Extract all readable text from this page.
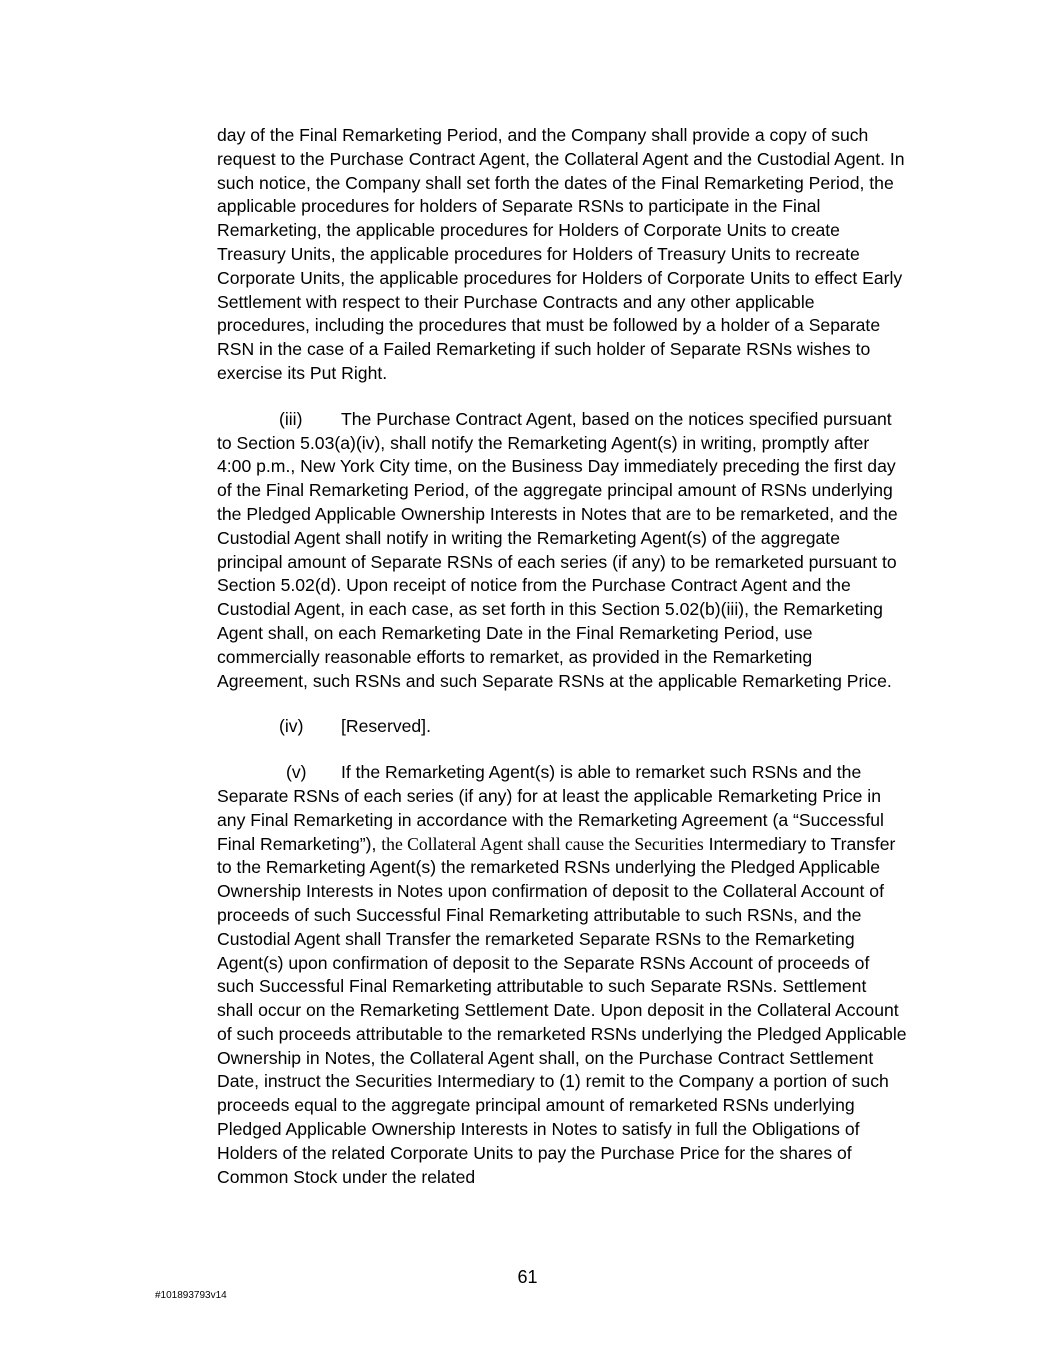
day of the Final Remarketing Period, and the Company shall provide a copy of such request to the Purchase Contract Agent, the Collateral Agent and the Custodial Agent. In such notice, the Company shall set forth the dates of the Final Remarketing Period, the applicable procedures for holders of Separate RSNs to participate in the Final Remarketing, the applicable procedures for Holders of Corporate Units to create Treasury Units, the applicable procedures for Holders of Treasury Units to recreate Corporate Units, the applicable procedures for Holders of Corporate Units to effect Early Settlement with respect to their Purchase Contracts and any other applicable procedures, including the procedures that must be followed by a holder of a Separate RSN in the case of a Failed Remarketing if such holder of Separate RSNs wishes to exercise its Put Right.

(iii) The Purchase Contract Agent, based on the notices specified pursuant to Section 5.03(a)(iv), shall notify the Remarketing Agent(s) in writing, promptly after 4:00 p.m., New York City time, on the Business Day immediately preceding the first day of the Final Remarketing Period, of the aggregate principal amount of RSNs underlying the Pledged Applicable Ownership Interests in Notes that are to be remarketed, and the Custodial Agent shall notify in writing the Remarketing Agent(s) of the aggregate principal amount of Separate RSNs of each series (if any) to be remarketed pursuant to Section 5.02(d). Upon receipt of notice from the Purchase Contract Agent and the Custodial Agent, in each case, as set forth in this Section 5.02(b)(iii), the Remarketing Agent shall, on each Remarketing Date in the Final Remarketing Period, use commercially reasonable efforts to remarket, as provided in the Remarketing Agreement, such RSNs and such Separate RSNs at the applicable Remarketing Price.

(iv) [Reserved].

(v) If the Remarketing Agent(s) is able to remarket such RSNs and the Separate RSNs of each series (if any) for at least the applicable Remarketing Price in any Final Remarketing in accordance with the Remarketing Agreement (a “Successful Final Remarketing”), the Collateral Agent shall cause the Securities Intermediary to Transfer to the Remarketing Agent(s) the remarketed RSNs underlying the Pledged Applicable Ownership Interests in Notes upon confirmation of deposit to the Collateral Account of proceeds of such Successful Final Remarketing attributable to such RSNs, and the Custodial Agent shall Transfer the remarketed Separate RSNs to the Remarketing Agent(s) upon confirmation of deposit to the Separate RSNs Account of proceeds of such Successful Final Remarketing attributable to such Separate RSNs. Settlement shall occur on the Remarketing Settlement Date. Upon deposit in the Collateral Account of such proceeds attributable to the remarketed RSNs underlying the Pledged Applicable Ownership in Notes, the Collateral Agent shall, on the Purchase Contract Settlement Date, instruct the Securities Intermediary to (1) remit to the Company a portion of such proceeds equal to the aggregate principal amount of remarketed RSNs underlying Pledged Applicable Ownership Interests in Notes to satisfy in full the Obligations of Holders of the related Corporate Units to pay the Purchase Price for the shares of Common Stock under the related

61
#101893793v14
